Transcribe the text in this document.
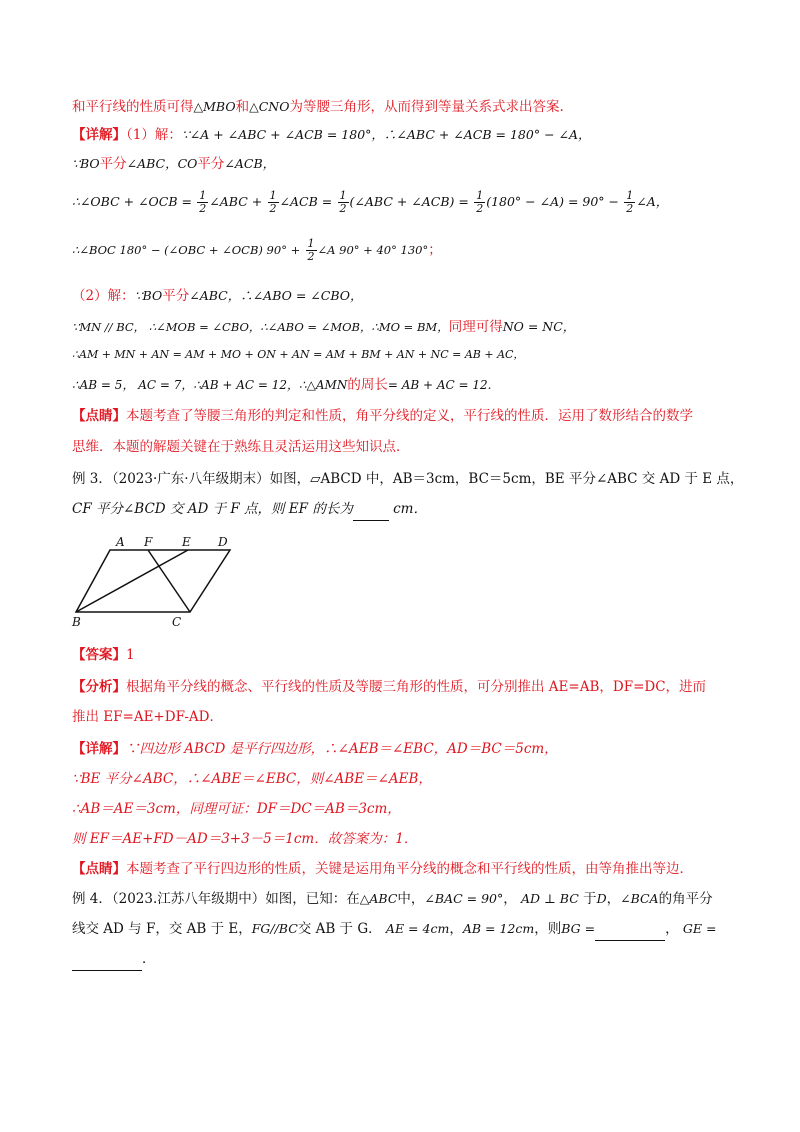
和平行线的性质可得△MBO和△CNO为等腰三角形，从而得到等量关系式求出答案.
【详解】（1）解：∵∠A + ∠ABC + ∠ACB = 180°，∴∠ABC + ∠ACB = 180° − ∠A，
∵BO平分∠ABC，CO平分∠ACB，
∴∠OBC + ∠OCB = $\frac{1}{2}$ ∠ABC + $\frac{1}{2}$ ∠ACB = $\frac{1}{2}$ (∠ABC + ∠ACB) = $\frac{1}{2} (180^\circ$ − ∠A) = $90^\circ - \frac{1}{2}$ ∠A，
∴∠BOC 180° − (∠OBC + ∠OCB) $90^\circ + \frac{1}{2}$ ∠A 90° + 40° 130°；
（2）解：∵BO平分∠ABC，∴∠ABO = ∠CBO，
∵MN // BC， ∴∠MOB = ∠CBO，∴∠ABO = ∠MOB，∴MO = BM，同理可得NO = NC，
∴AM + MN + AN = AM + MO + ON + AN = AM + BM + AN + NC = AB + AC，
∴AB = 5， AC = 7，∴AB + AC = 12，∴△AMN的周长= AB + AC = 12.
【点睛】本题考查了等腰三角形的判定和性质，角平分线的定义，平行线的性质．运用了数形结合的数学
思维．本题的解题关键在于熟练且灵活运用这些知识点．
例 3．（2023·广东·八年级期末）如图，▱ABCD 中，AB＝3cm，BC＝5cm，BE 平分∠ABC 交 AD 于 E 点，
CF 平分∠BCD 交 AD 于 F 点，则 EF 的长为	cm．
A F E D
B	C
【答案】1
【分析】根据角平分线的概念、平行线的性质及等腰三角形的性质，可分别推出 AE=AB，DF=DC，进而
推出 EF=AE+DF-AD．
【详解】∵四边形 ABCD 是平行四边形，∴∠AEB＝∠EBC，AD＝BC＝5cm，
∵BE 平分∠ABC，∴∠ABE＝∠EBC，则∠ABE＝∠AEB，
∴AB＝AE＝3cm，同理可证：DF＝DC＝AB＝3cm，
则 EF＝AE+FD－AD＝3+3－5＝1cm．故答案为：1．
【点睛】本题考查了平行四边形的性质，关键是运用角平分线的概念和平行线的性质，由等角推出等边．
例 4．（2023.江苏八年级期中）如图，已知：在△ABC中，∠BAC = 90°， AD ⊥ BC 于D，∠BCA的角平分
线交 AD 与 F，交 AB 于 E，FG//BC交 AB 于 G． AE = 4cm，AB = 12cm，则BG =	， GE =
．
